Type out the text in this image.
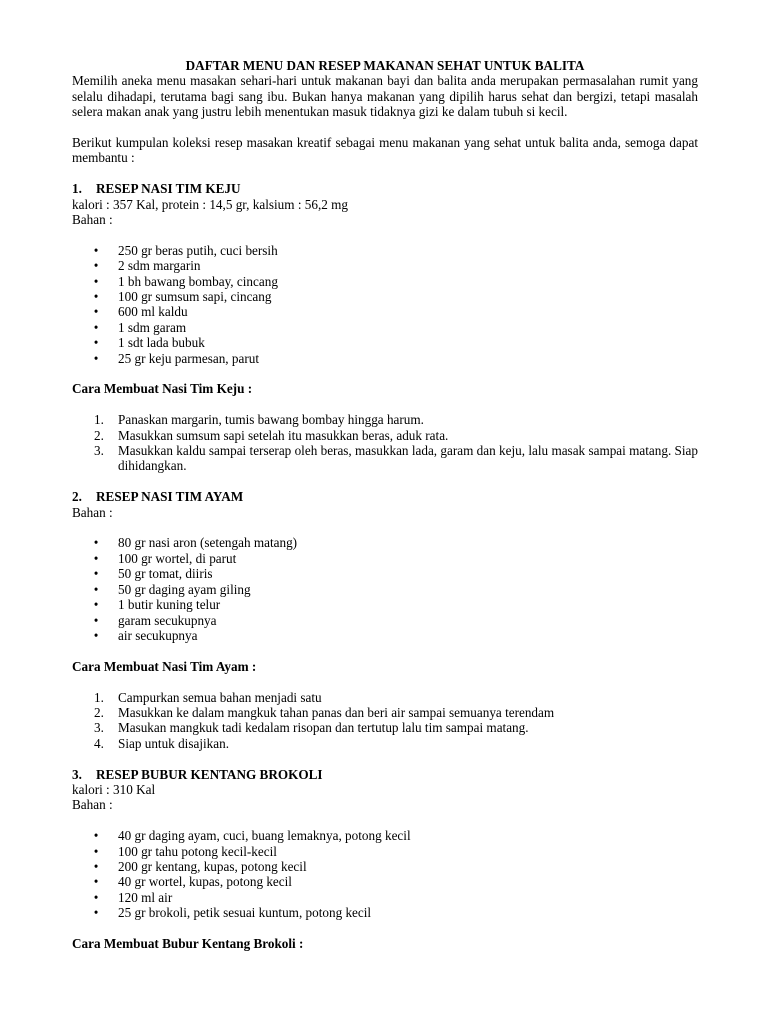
DAFTAR MENU DAN RESEP MAKANAN SEHAT UNTUK BALITA

Memilih aneka menu masakan sehari-hari untuk makanan bayi dan balita anda merupakan permasalahan rumit yang selalu dihadapi, terutama bagi sang ibu. Bukan hanya makanan yang dipilih harus sehat dan bergizi, tetapi masalah selera makan anak yang justru lebih menentukan masuk tidaknya gizi ke dalam tubuh si kecil.

Berikut kumpulan koleksi resep masakan kreatif sebagai menu makanan yang sehat untuk balita anda, semoga dapat membantu :

1. RESEP NASI TIM KEJU

kalori : 357 Kal, protein : 14,5 gr, kalsium : 56,2 mg

Bahan :

• 250 gr beras putih, cuci bersih
• 2 sdm margarin
• 1 bh bawang bombay, cincang
• 100 gr sumsum sapi, cincang
• 600 ml kaldu
• 1 sdm garam
• 1 sdt lada bubuk
• 25 gr keju parmesan, parut

Cara Membuat Nasi Tim Keju :

1. Panaskan margarin, tumis bawang bombay hingga harum.
2. Masukkan sumsum sapi setelah itu masukkan beras, aduk rata.
3. Masukkan kaldu sampai terserap oleh beras, masukkan lada, garam dan keju, lalu masak sampai matang. Siap dihidangkan.

2. RESEP NASI TIM AYAM

Bahan :

• 80 gr nasi aron (setengah matang)
• 100 gr wortel, di parut
• 50 gr tomat, diiris
• 50 gr daging ayam giling
• 1 butir kuning telur
• garam secukupnya
• air secukupnya

Cara Membuat Nasi Tim Ayam :

1. Campurkan semua bahan menjadi satu
2. Masukkan ke dalam mangkuk tahan panas dan beri air sampai semuanya terendam
3. Masukan mangkuk tadi kedalam risopan dan tertutup lalu tim sampai matang.
4. Siap untuk disajikan.

3. RESEP BUBUR KENTANG BROKOLI

kalori : 310 Kal

Bahan :

• 40 gr daging ayam, cuci, buang lemaknya, potong kecil
• 100 gr tahu potong kecil-kecil
• 200 gr kentang, kupas, potong kecil
• 40 gr wortel, kupas, potong kecil
• 120 ml air
• 25 gr brokoli, petik sesuai kuntum, potong kecil

Cara Membuat Bubur Kentang Brokoli :
